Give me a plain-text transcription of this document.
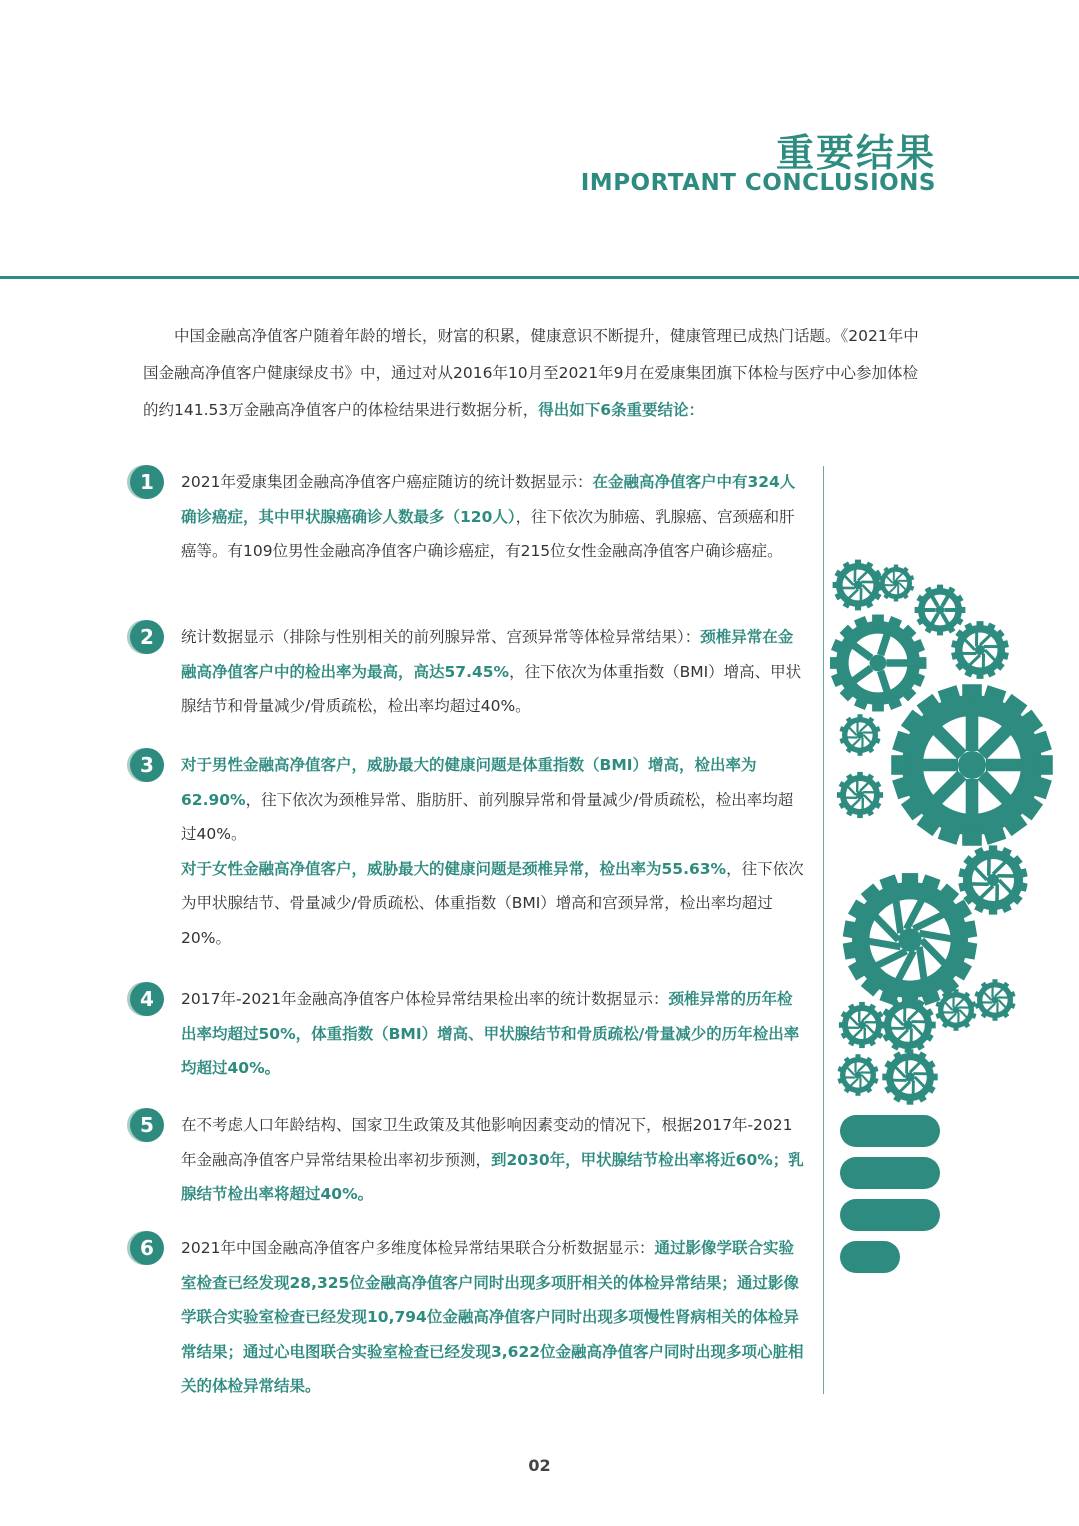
重要结果
IMPORTANT CONCLUSIONS
中国金融高净值客户随着年龄的增长，财富的积累，健康意识不断提升，健康管理已成热门话题。《2021年中国金融高净值客户健康绿皮书》中，通过对从2016年10月至2021年9月在爱康集团旗下体检与医疗中心参加体检的约141.53万金融高净值客户的体检结果进行数据分析，得出如下6条重要结论：
1	2021年爱康集团金融高净值客户癌症随访的统计数据显示：在金融高净值客户中有324人确诊癌症，其中甲状腺癌确诊人数最多（120人），往下依次为肺癌、乳腺癌、宫颈癌和肝癌等。有109位男性金融高净值客户确诊癌症，有215位女性金融高净值客户确诊癌症。

2	统计数据显示（排除与性别相关的前列腺异常、宫颈异常等体检异常结果）：颈椎异常在金融高净值客户中的检出率为最高，高达57.45%，往下依次为体重指数（BMI）增高、甲状腺结节和骨量减少/骨质疏松，检出率均超过40%。

3	对于男性金融高净值客户，威胁最大的健康问题是体重指数（BMI）增高，检出率为62.90%，往下依次为颈椎异常、脂肪肝、前列腺异常和骨量减少/骨质疏松，检出率均超过40%。

对于女性金融高净值客户，威胁最大的健康问题是颈椎异常，检出率为55.63%，往下依次为甲状腺结节、骨量减少/骨质疏松、体重指数（BMI）增高和宫颈异常，检出率均超过20%。

4	2017年-2021年金融高净值客户体检异常结果检出率的统计数据显示：颈椎异常的历年检出率均超过50%，体重指数（BMI）增高、甲状腺结节和骨质疏松/骨量减少的历年检出率均超过40%。

5	在不考虑人口年龄结构、国家卫生政策及其他影响因素变动的情况下，根据2017年-2021年金融高净值客户异常结果检出率初步预测，到2030年，甲状腺结节检出率将近60%；乳腺结节检出率将超过40%。

6	2021年中国金融高净值客户多维度体检异常结果联合分析数据显示：通过影像学联合实验室检查已经发现28,325位金融高净值客户同时出现多项肝相关的体检异常结果；通过影像学联合实验室检查已经发现10,794位金融高净值客户同时出现多项慢性肾病相关的体检异常结果；通过心电图联合实验室检查已经发现3,622位金融高净值客户同时出现多项心脏相关的体检异常结果。

02
